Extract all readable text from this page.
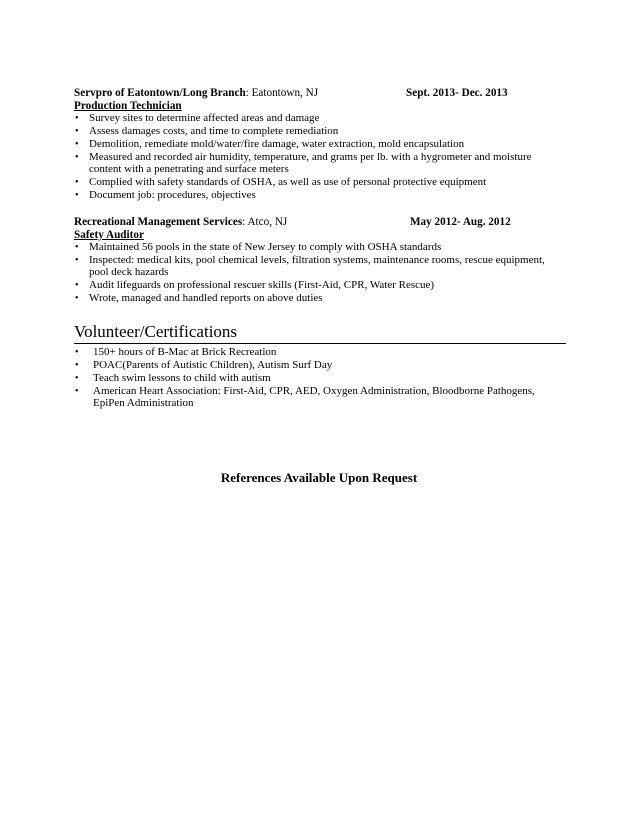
Servpro of Eatontown/Long Branch: Eatontown, NJ	Sept. 2013- Dec. 2013
Production Technician
• Survey sites to determine affected areas and damage
• Assess damages costs, and time to complete remediation
• Demolition, remediate mold/water/fire damage, water extraction, mold encapsulation
• Measured and recorded air humidity, temperature, and grams per lb. with a hygrometer and moisture content with a penetrating and surface meters
• Complied with safety standards of OSHA, as well as use of personal protective equipment
• Document job: procedures, objectives
Recreational Management Services: Atco, NJ	May 2012- Aug. 2012
Safety Auditor
• Maintained 56 pools in the state of New Jersey to comply with OSHA standards
• Inspected: medical kits, pool chemical levels, filtration systems, maintenance rooms, rescue equipment, pool deck hazards
• Audit lifeguards on professional rescuer skills (First-Aid, CPR, Water Rescue)
• Wrote, managed and handled reports on above duties
Volunteer/Certifications
• 150+ hours of B-Mac at Brick Recreation
• POAC(Parents of Autistic Children), Autism Surf Day
• Teach swim lessons to child with autism
• American Heart Association: First-Aid, CPR, AED, Oxygen Administration, Bloodborne Pathogens, EpiPen Administration
References Available Upon Request
